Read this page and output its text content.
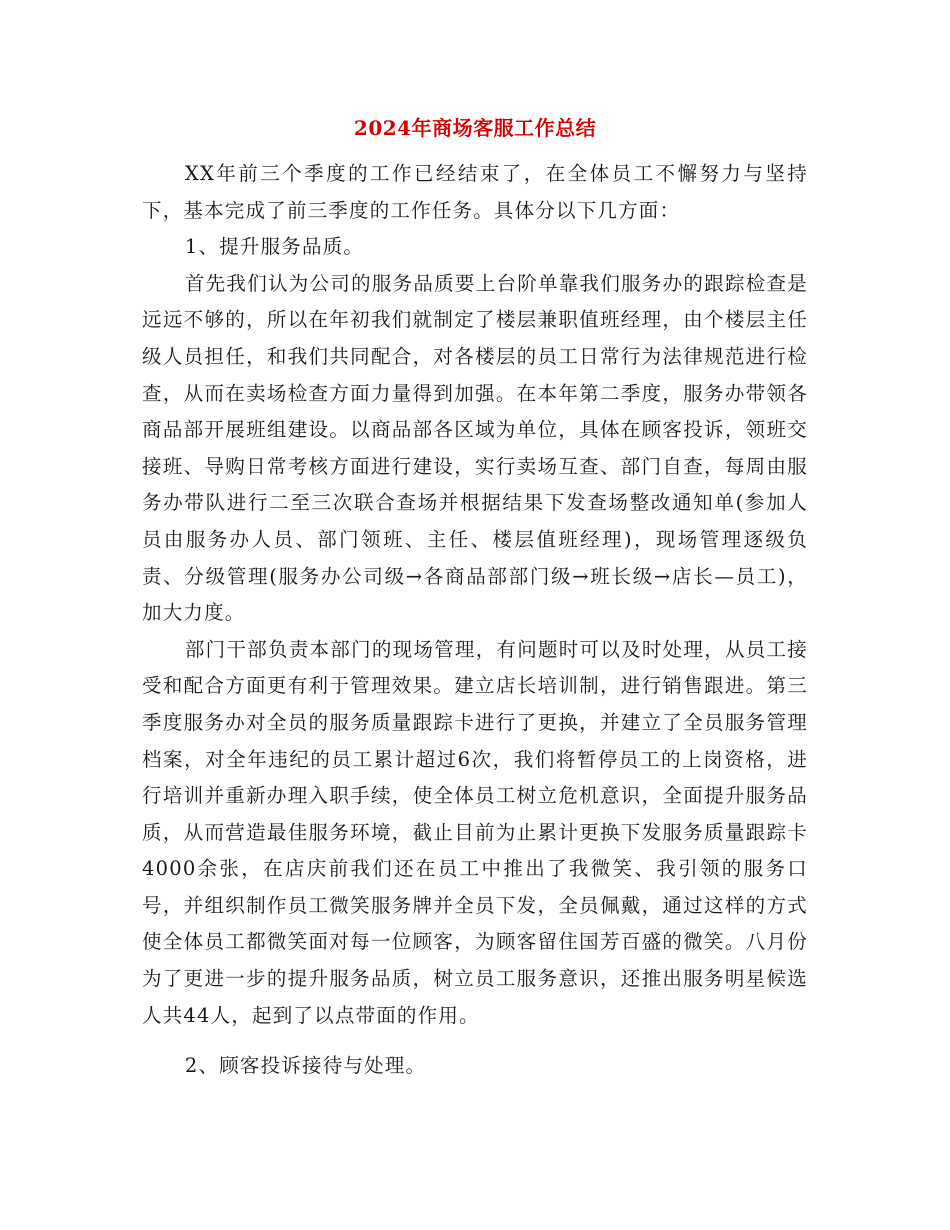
2024年商场客服工作总结

XX年前三个季度的工作已经结束了，在全体员工不懈努力与坚持下，基本完成了前三季度的工作任务。具体分以下几方面：

1、提升服务品质。

首先我们认为公司的服务品质要上台阶单靠我们服务办的跟踪检查是远远不够的，所以在年初我们就制定了楼层兼职值班经理，由个楼层主任级人员担任，和我们共同配合，对各楼层的员工日常行为法律规范进行检查，从而在卖场检查方面力量得到加强。在本年第二季度，服务办带领各商品部开展班组建设。以商品部各区域为单位，具体在顾客投诉，领班交接班、导购日常考核方面进行建设，实行卖场互查、部门自查，每周由服务办带队进行二至三次联合查场并根据结果下发查场整改通知单(参加人员由服务办人员、部门领班、主任、楼层值班经理)，现场管理逐级负责、分级管理(服务办公司级→各商品部部门级→班长级→店长—员工)，加大力度。

部门干部负责本部门的现场管理，有问题时可以及时处理，从员工接受和配合方面更有利于管理效果。建立店长培训制，进行销售跟进。第三季度服务办对全员的服务质量跟踪卡进行了更换，并建立了全员服务管理档案，对全年违纪的员工累计超过6次，我们将暂停员工的上岗资格，进行培训并重新办理入职手续，使全体员工树立危机意识，全面提升服务品质，从而营造最佳服务环境，截止目前为止累计更换下发服务质量跟踪卡4000余张，在店庆前我们还在员工中推出了我微笑、我引领的服务口号，并组织制作员工微笑服务牌并全员下发，全员佩戴，通过这样的方式使全体员工都微笑面对每一位顾客，为顾客留住国芳百盛的微笑。八月份为了更进一步的提升服务品质，树立员工服务意识，还推出服务明星候选人共44人，起到了以点带面的作用。

2、顾客投诉接待与处理。
